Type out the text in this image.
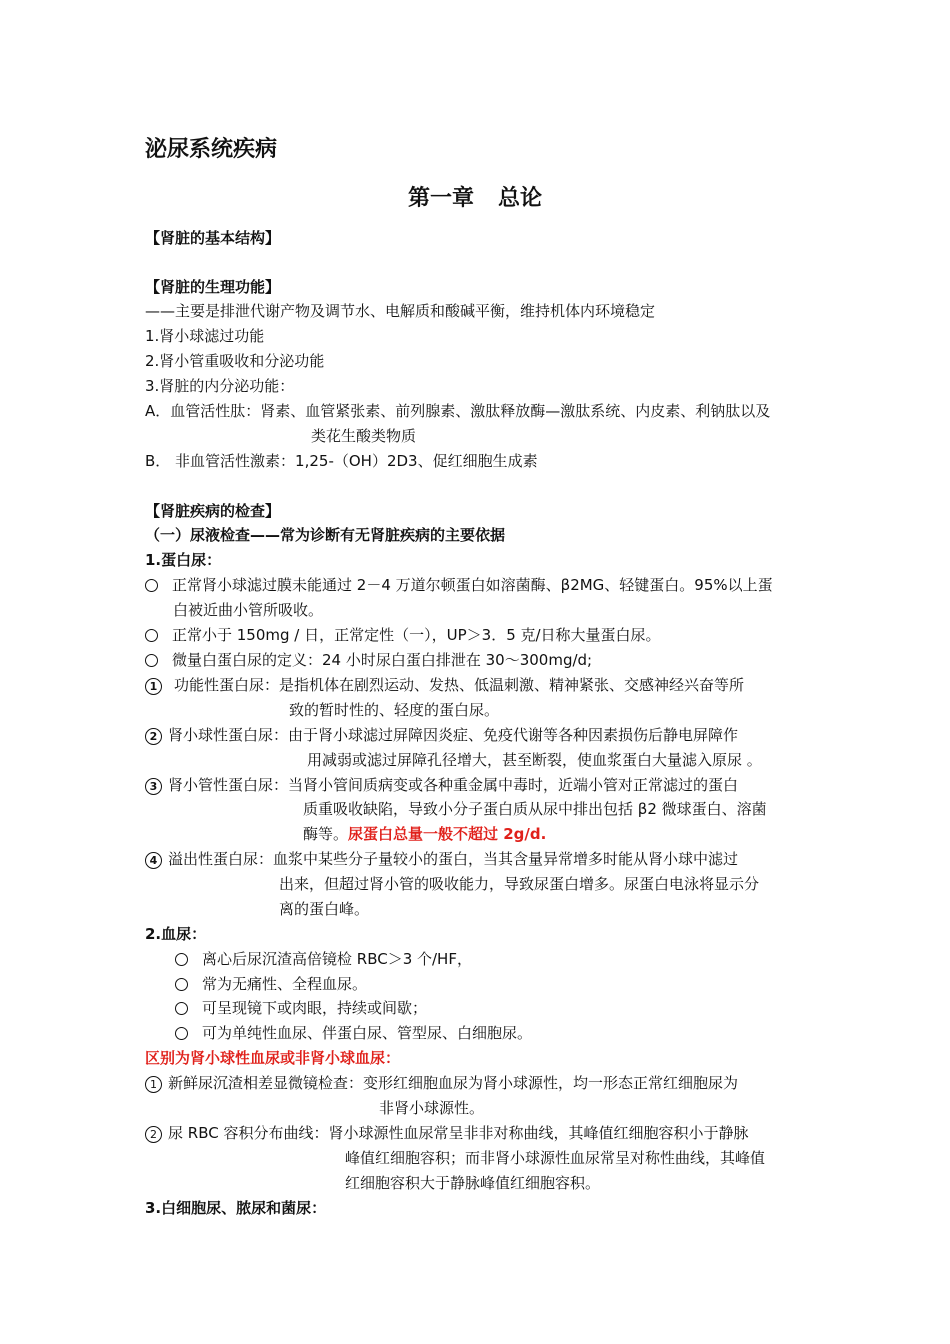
泌尿系统疾病
第一章 总论
【肾脏的基本结构】
【肾脏的生理功能】
——主要是排泄代谢产物及调节水、电解质和酸碱平衡，维持机体内环境稳定
1.肾小球滤过功能
2.肾小管重吸收和分泌功能
3.肾脏的内分泌功能：
A．血管活性肽：肾素、血管紧张素、前列腺素、激肽释放酶—激肽系统、内皮素、利钠肽以及
类花生酸类物质
B． 非血管活性激素：1,25-（OH）2D3、促红细胞生成素
【肾脏疾病的检查】
（一）尿液检查——常为诊断有无肾脏疾病的主要依据
1.蛋白尿：
正常肾小球滤过膜未能通过 2－4 万道尔顿蛋白如溶菌酶、β2MG、轻键蛋白。95%以上蛋
白被近曲小管所吸收。
正常小于 150mg / 日，正常定性（一），UP＞3．5 克/日称大量蛋白尿。
微量白蛋白尿的定义：24 小时尿白蛋白排泄在 30～300mg/d;
1 功能性蛋白尿：是指机体在剧烈运动、发热、低温刺激、精神紧张、交感神经兴奋等所
致的暂时性的、轻度的蛋白尿。
2 肾小球性蛋白尿：由于肾小球滤过屏障因炎症、免疫代谢等各种因素损伤后静电屏障作
用减弱或滤过屏障孔径增大，甚至断裂，使血浆蛋白大量滤入原尿 。
3 肾小管性蛋白尿：当肾小管间质病变或各种重金属中毒时，近端小管对正常滤过的蛋白
质重吸收缺陷，导致小分子蛋白质从尿中排出包括 β2 微球蛋白、溶菌
酶等。尿蛋白总量一般不超过 2g/d.
4 溢出性蛋白尿：血浆中某些分子量较小的蛋白，当其含量异常增多时能从肾小球中滤过
出来，但超过肾小管的吸收能力，导致尿蛋白增多。尿蛋白电泳将显示分
离的蛋白峰。
2.血尿：
离心后尿沉渣高倍镜检 RBC＞3 个/HF，
常为无痛性、全程血尿。
可呈现镜下或肉眼，持续或间歇；
可为单纯性血尿、伴蛋白尿、管型尿、白细胞尿。
区别为肾小球性血尿或非肾小球血尿：
1 新鲜尿沉渣相差显微镜检查：变形红细胞血尿为肾小球源性，均一形态正常红细胞尿为
非肾小球源性。
2 尿 RBC 容积分布曲线：肾小球源性血尿常呈非非对称曲线，其峰值红细胞容积小于静脉
峰值红细胞容积；而非肾小球源性血尿常呈对称性曲线，其峰值
红细胞容积大于静脉峰值红细胞容积。
3.白细胞尿、脓尿和菌尿：
